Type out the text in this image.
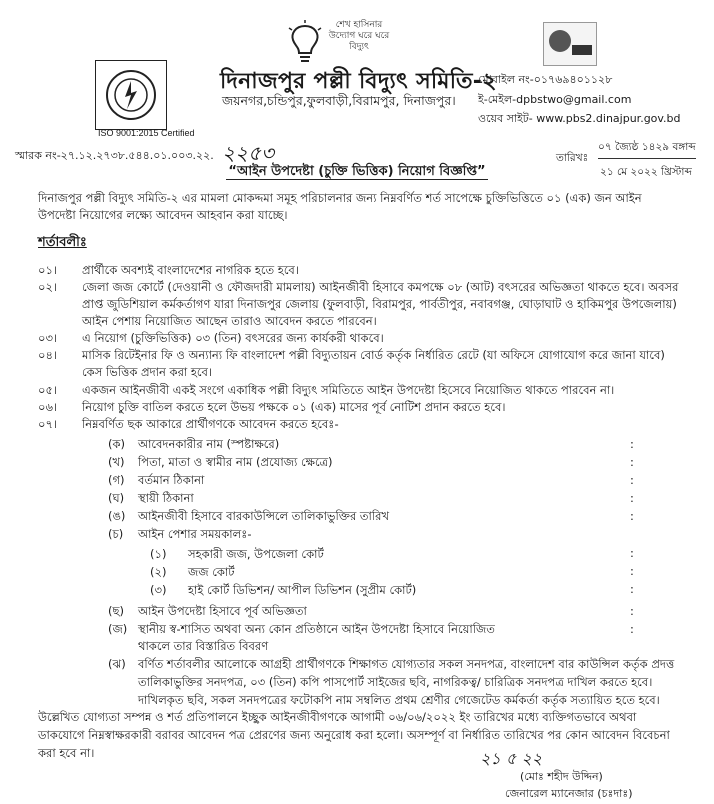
ISO 9001:2015 Certified
শেখ হাসিনার উদ্যোগ ঘরে ঘরে বিদ্যুৎ
দিনাজপুর পল্লী বিদ্যুৎ সমিতি-২
জয়নগর,চন্ডিপুর,ফুলবাড়ী,বিরামপুর, দিনাজপুর।
মোবাইল নং-০১৭৬৯৪০১১২৮
ই-মেইল-dpbstwo@gmail.com
ওয়েব সাইট- www.pbs2.dinajpur.gov.bd
স্মারক নং-২৭.১২.২৭৩৮.৫৪৪.০১.০০৩.২২. ২২৫৩	তারিখঃ
০৭ জ্যৈষ্ঠ ১৪২৯ বঙ্গাব্দ
২১ মে ২০২২ খ্রিস্টাব্দ
“আইন উপদেষ্টা (চুক্তি ভিত্তিক) নিয়োগ বিজ্ঞপ্তি”
দিনাজপুর পল্লী বিদ্যুৎ সমিতি-২ এর মামলা মোকদ্দমা সমূহ পরিচালনার জন্য নিম্নবর্ণিত শর্ত সাপেক্ষে চুক্তিভিত্তিতে ০১ (এক) জন আইন উপদেষ্টা নিয়োগের লক্ষ্যে আবেদন আহবান করা যাচ্ছে।
শর্তাবলীঃ
০১। প্রার্থীকে অবশ্যই বাংলাদেশের নাগরিক হতে হবে।
০২। জেলা জজ কোর্টে (দেওয়ানী ও ফৌজদারী মামলায়) আইনজীবী হিসাবে কমপক্ষে ০৮ (আট) বৎসরের অভিজ্ঞতা থাকতে হবে। অবসর প্রাপ্ত জুডিশিয়াল কর্মকর্তাগণ যারা দিনাজপুর জেলায় (ফুলবাড়ী, বিরামপুর, পার্বতীপুর, নবাবগঞ্জ, ঘোড়াঘাট ও হাকিমপুর উপজেলায়) আইন পেশায় নিয়োজিত আছেন তারাও আবেদন করতে পারবেন।
০৩। এ নিয়োগ (চুক্তিভিত্তিক) ০৩ (তিন) বৎসরের জন্য কার্যকরী থাকবে।
০৪। মাসিক রিটেইনার ফি ও অন্যান্য ফি বাংলাদেশ পল্লী বিদ্যুতায়ন বোর্ড কর্তৃক নির্ধারিত রেটে (যা অফিসে যোগাযোগ করে জানা যাবে) কেস ভিত্তিক প্রদান করা হবে।
০৫। একজন আইনজীবী একই সংগে একাধিক পল্লী বিদ্যুৎ সমিতিতে আইন উপদেষ্টা হিসেবে নিয়োজিত থাকতে পারবেন না।
০৬। নিয়োগ চুক্তি বাতিল করতে হলে উভয় পক্ষকে ০১ (এক) মাসের পূর্ব নোটিশ প্রদান করতে হবে।
০৭। নিম্নবর্ণিত ছক আকারে প্রার্থীগণকে আবেদন করতে হবেঃ-
(ক) আবেদনকারীর নাম (স্পষ্টাক্ষরে)	:
(খ) পিতা, মাতা ও স্বামীর নাম (প্রযোজ্য ক্ষেত্রে)	:
(গ) বর্তমান ঠিকানা	:
(ঘ) স্থায়ী ঠিকানা	:
(ঙ) আইনজীবী হিসাবে বারকাউন্সিলে তালিকাভুক্তির তারিখ	:
(চ) আইন পেশার সময়কালঃ-
(১) সহকারী জজ, উপজেলা কোর্ট	:
(২) জজ কোর্ট	:
(৩) হাই কোর্ট ডিভিশন/ আপীল ডিভিশন (সুপ্রীম কোর্ট)	:
(ছ) আইন উপদেষ্টা হিসাবে পূর্ব অভিজ্ঞতা	:
(জ) স্থানীয় স্ব-শাসিত অথবা অন্য কোন প্রতিষ্ঠানে আইন উপদেষ্টা হিসাবে নিয়োজিত	:
থাকলে তার বিস্তারিত বিবরণ
(ঝ) বর্ণিত শর্তাবলীর আলোকে আগ্রহী প্রার্থীগণকে শিক্ষাগত যোগ্যতার সকল সনদপত্র, বাংলাদেশ বার কাউন্সিল কর্তৃক প্রদত্ত তালিকাভুক্তির সনদপত্র, ০৩ (তিন) কপি পাসপোর্ট সাইজের ছবি, নাগরিকত্ব/ চারিত্রিক সনদপত্র দাখিল করতে হবে। দাখিলকৃত ছবি, সকল সনদপত্রের ফটোকপি নাম সম্বলিত প্রথম শ্রেণীর গেজেটেড কর্মকর্তা কর্তৃক সত্যায়িত হতে হবে।
উল্লেখিত যোগ্যতা সম্পন্ন ও শর্ত প্রতিপালনে ইচ্ছুক আইনজীবীগণকে আগামী ০৬/০৬/২০২২ ইং তারিখের মধ্যে ব্যক্তিগতভাবে অথবা ডাকযোগে নিম্নস্বাক্ষরকারী বরাবর আবেদন পত্র প্রেরণের জন্য অনুরোধ করা হলো। অসম্পূর্ণ বা নির্ধারিত তারিখের পর কোন আবেদন বিবেচনা করা হবে না।	২১ ৫ ২২
(মোঃ শহীদ উদ্দিন)
জেনারেল ম্যানেজার (চঃদাঃ)
